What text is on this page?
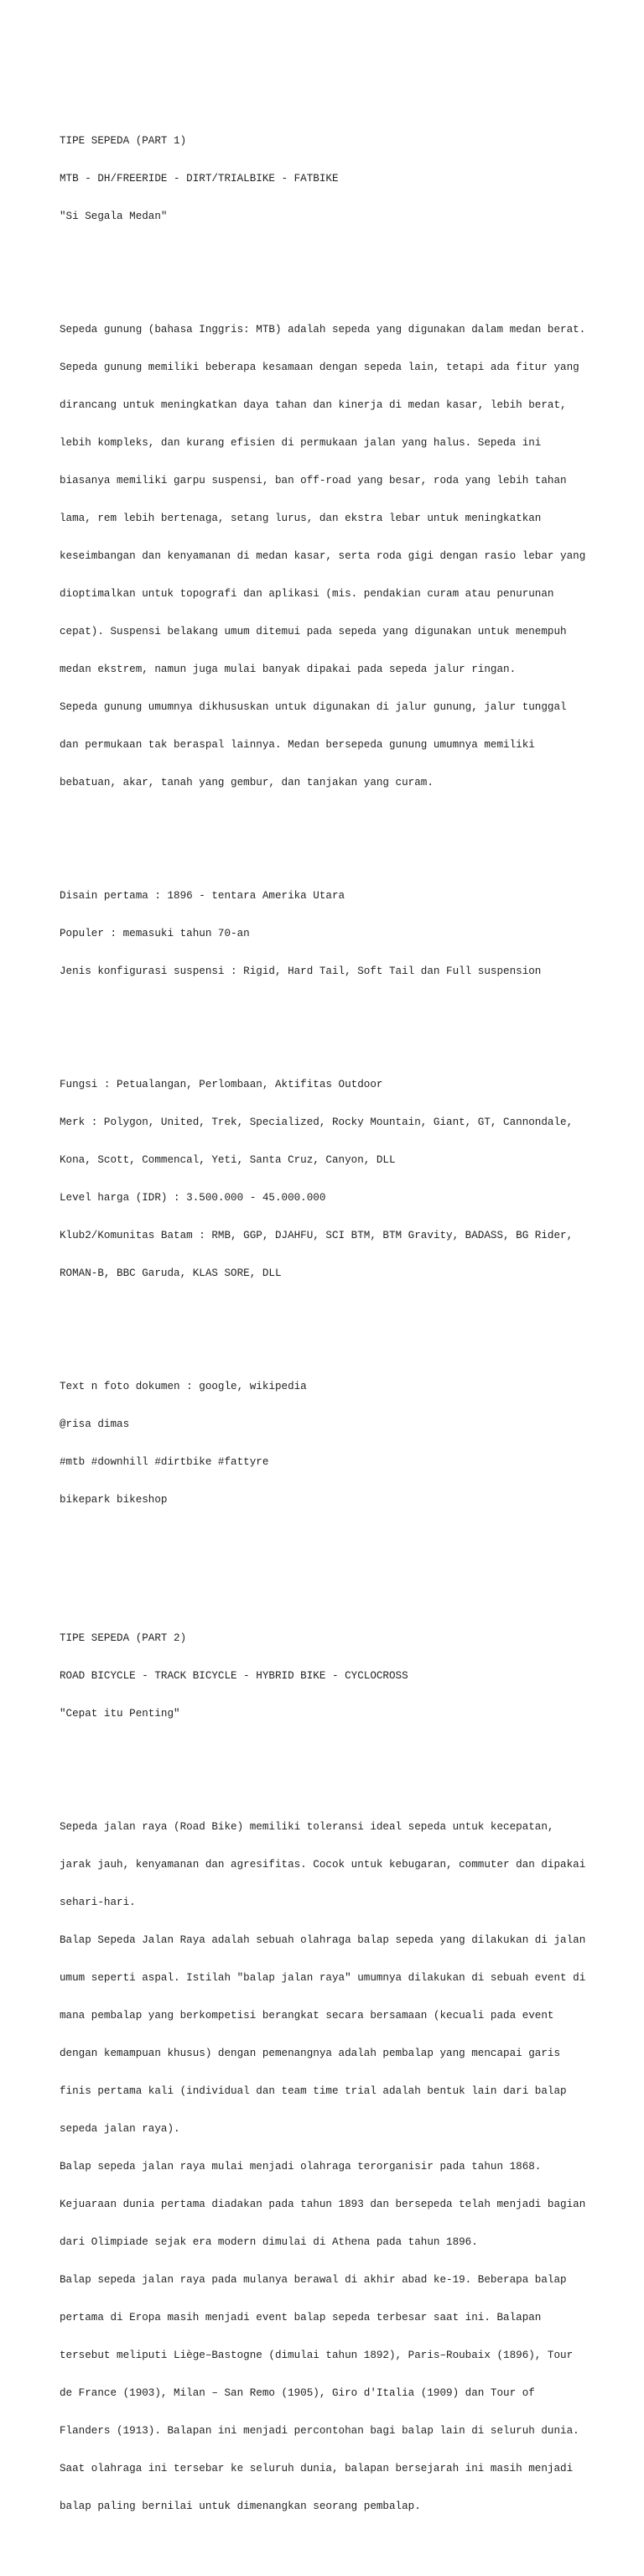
TIPE SEPEDA (PART 1)

MTB - DH/FREERIDE - DIRT/TRIALBIKE - FATBIKE

"Si Segala Medan"

Sepeda gunung (bahasa Inggris: MTB) adalah sepeda yang digunakan dalam medan berat.

Sepeda gunung memiliki beberapa kesamaan dengan sepeda lain, tetapi ada fitur yang

dirancang untuk meningkatkan daya tahan dan kinerja di medan kasar, lebih berat,

lebih kompleks, dan kurang efisien di permukaan jalan yang halus. Sepeda ini

biasanya memiliki garpu suspensi, ban off-road yang besar, roda yang lebih tahan

lama, rem lebih bertenaga, setang lurus, dan ekstra lebar untuk meningkatkan

keseimbangan dan kenyamanan di medan kasar, serta roda gigi dengan rasio lebar yang

dioptimalkan untuk topografi dan aplikasi (mis. pendakian curam atau penurunan

cepat). Suspensi belakang umum ditemui pada sepeda yang digunakan untuk menempuh

medan ekstrem, namun juga mulai banyak dipakai pada sepeda jalur ringan.

Sepeda gunung umumnya dikhususkan untuk digunakan di jalur gunung, jalur tunggal

dan permukaan tak beraspal lainnya. Medan bersepeda gunung umumnya memiliki

bebatuan, akar, tanah yang gembur, dan tanjakan yang curam.

Disain pertama : 1896 - tentara Amerika Utara

Populer : memasuki tahun 70-an

Jenis konfigurasi suspensi : Rigid, Hard Tail, Soft Tail dan Full suspension

Fungsi : Petualangan, Perlombaan, Aktifitas Outdoor

Merk : Polygon, United, Trek, Specialized, Rocky Mountain, Giant, GT, Cannondale,

Kona, Scott, Commencal, Yeti, Santa Cruz, Canyon, DLL

Level harga (IDR) : 3.500.000 - 45.000.000

Klub2/Komunitas Batam : RMB, GGP, DJAHFU, SCI BTM, BTM Gravity, BADASS, BG Rider,

ROMAN-B, BBC Garuda, KLAS SORE, DLL

Text n foto dokumen : google, wikipedia

@risa dimas

#mtb #downhill #dirtbike #fattyre

bikepark bikeshop

TIPE SEPEDA (PART 2)

ROAD BICYCLE - TRACK BICYCLE - HYBRID BIKE - CYCLOCROSS

"Cepat itu Penting"

Sepeda jalan raya (Road Bike) memiliki toleransi ideal sepeda untuk kecepatan,

jarak jauh, kenyamanan dan agresifitas. Cocok untuk kebugaran, commuter dan dipakai

sehari-hari.

Balap Sepeda Jalan Raya adalah sebuah olahraga balap sepeda yang dilakukan di jalan

umum seperti aspal. Istilah "balap jalan raya" umumnya dilakukan di sebuah event di

mana pembalap yang berkompetisi berangkat secara bersamaan (kecuali pada event

dengan kemampuan khusus) dengan pemenangnya adalah pembalap yang mencapai garis

finis pertama kali (individual dan team time trial adalah bentuk lain dari balap

sepeda jalan raya).

Balap sepeda jalan raya mulai menjadi olahraga terorganisir pada tahun 1868.

Kejuaraan dunia pertama diadakan pada tahun 1893 dan bersepeda telah menjadi bagian

dari Olimpiade sejak era modern dimulai di Athena pada tahun 1896.

Balap sepeda jalan raya pada mulanya berawal di akhir abad ke-19. Beberapa balap

pertama di Eropa masih menjadi event balap sepeda terbesar saat ini. Balapan

tersebut meliputi Liège–Bastogne (dimulai tahun 1892), Paris–Roubaix (1896), Tour

de France (1903), Milan – San Remo (1905), Giro d'Italia (1909) dan Tour of

Flanders (1913). Balapan ini menjadi percontohan bagi balap lain di seluruh dunia.

Saat olahraga ini tersebar ke seluruh dunia, balapan bersejarah ini masih menjadi

balap paling bernilai untuk dimenangkan seorang pembalap.
